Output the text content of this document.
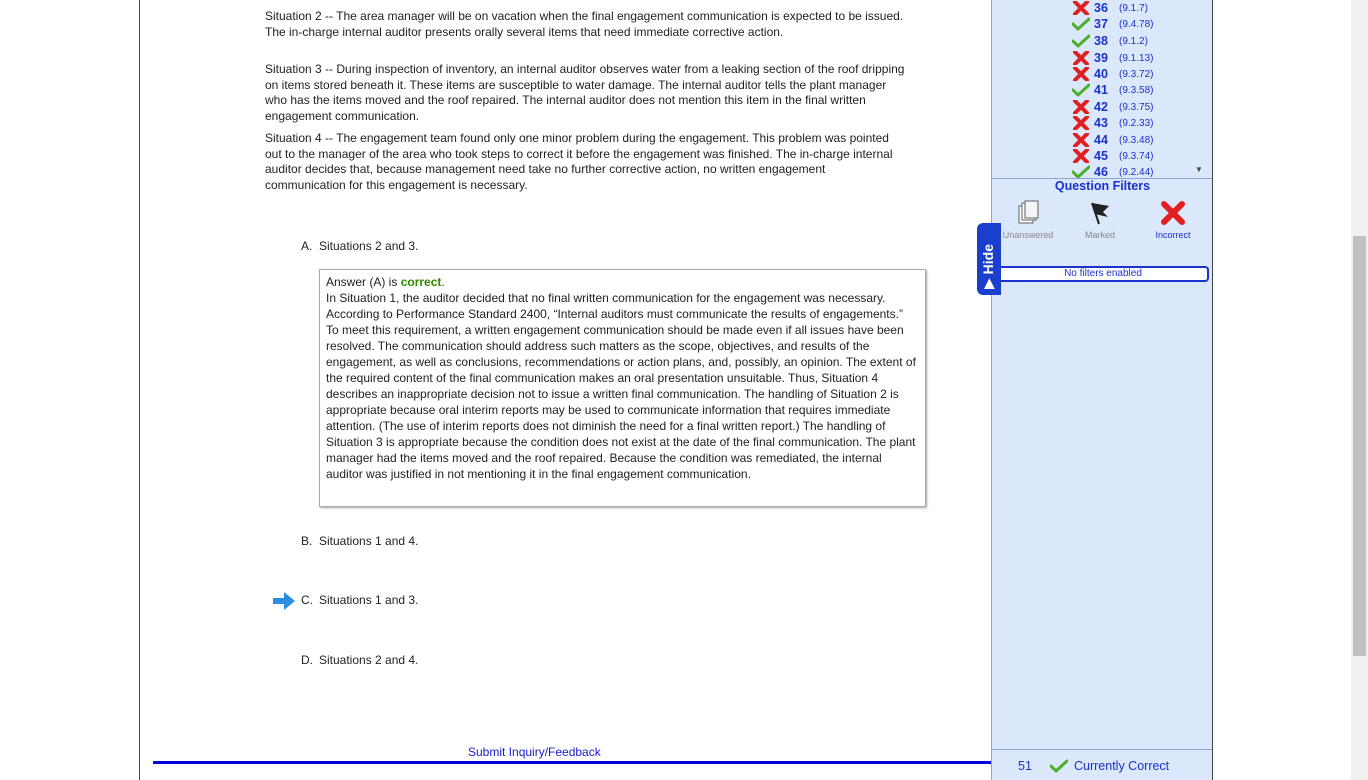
Situation 2 -- The area manager will be on vacation when the final engagement communication is expected to be issued. The in-charge internal auditor presents orally several items that need immediate corrective action.
Situation 3 -- During inspection of inventory, an internal auditor observes water from a leaking section of the roof dripping on items stored beneath it. These items are susceptible to water damage. The internal auditor tells the plant manager who has the items moved and the roof repaired. The internal auditor does not mention this item in the final written engagement communication.
Situation 4 -- The engagement team found only one minor problem during the engagement. This problem was pointed out to the manager of the area who took steps to correct it before the engagement was finished. The in-charge internal auditor decides that, because management need take no further corrective action, no written engagement communication for this engagement is necessary.
A. Situations 2 and 3.
Answer (A) is correct.
In Situation 1, the auditor decided that no final written communication for the engagement was necessary. According to Performance Standard 2400, “Internal auditors must communicate the results of engagements.” To meet this requirement, a written engagement communication should be made even if all issues have been resolved. The communication should address such matters as the scope, objectives, and results of the engagement, as well as conclusions, recommendations or action plans, and, possibly, an opinion. The extent of the required content of the final communication makes an oral presentation unsuitable. Thus, Situation 4 describes an inappropriate decision not to issue a written final communication. The handling of Situation 2 is appropriate because oral interim reports may be used to communicate information that requires immediate attention. (The use of interim reports does not diminish the need for a final written report.) The handling of Situation 3 is appropriate because the condition does not exist at the date of the final communication. The plant manager had the items moved and the roof repaired. Because the condition was remediated, the internal auditor was justified in not mentioning it in the final engagement communication.
B. Situations 1 and 4.
C. Situations 1 and 3.
D. Situations 2 and 4.
Submit Inquiry/Feedback
36	(9.1.7)
37	(9.4.78)
38	(9.1.2)
39	(9.1.13)
40	(9.3.72)
41	(9.3.58)
42	(9.3.75)
43	(9.2.33)
44	(9.3.48)
45	(9.3.74)
46	(9.2.44)	▼
Question Filters
Unanswered	Marked	Incorrect
No filters enabled
51	Currently Correct
▶ Hide
